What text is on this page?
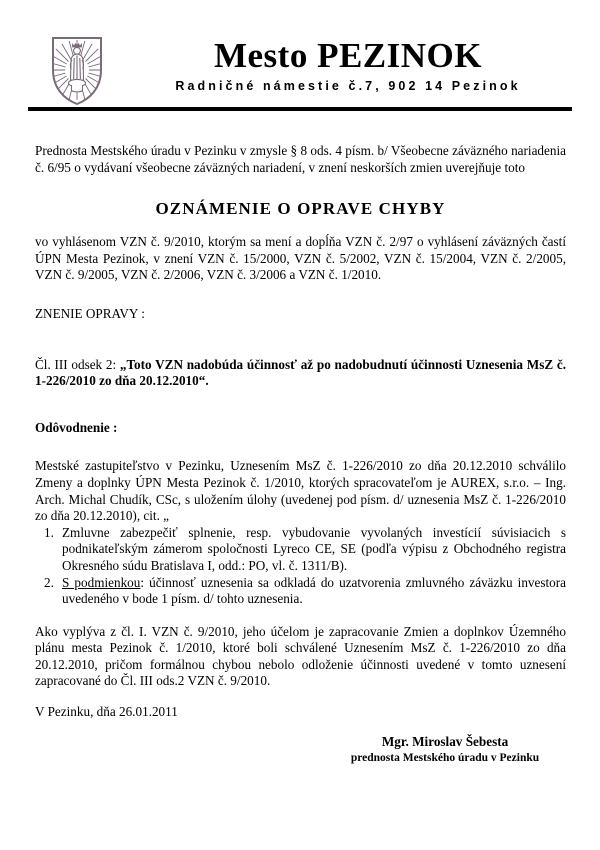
Mesto PEZINOK
Radničné námestie č.7, 902 14 Pezinok

Prednosta Mestského úradu v Pezinku v zmysle § 8 ods. 4 písm. b/ Všeobecne záväzného nariadenia č. 6/95 o vydávaní všeobecne záväzných nariadení, v znení neskorších zmien uverejňuje toto

OZNÁMENIE O OPRAVE CHYBY

vo vyhlásenom VZN č. 9/2010, ktorým sa mení a dopĺňa VZN č. 2/97 o vyhlásení záväzných častí ÚPN Mesta Pezinok, v znení VZN č. 15/2000, VZN č. 5/2002, VZN č. 15/2004, VZN č. 2/2005, VZN č. 9/2005, VZN č. 2/2006, VZN č. 3/2006 a VZN č. 1/2010.

ZNENIE OPRAVY :

Čl. III odsek 2: „Toto VZN nadobúda účinnosť až po nadobudnutí účinnosti Uznesenia MsZ č. 1-226/2010 zo dňa 20.12.2010“.

Odôvodnenie :

Mestské zastupiteľstvo v Pezinku, Uznesením MsZ č. 1-226/2010 zo dňa 20.12.2010 schválilo Zmeny a doplnky ÚPN Mesta Pezinok č. 1/2010, ktorých spracovateľom je AUREX, s.r.o. – Ing. Arch. Michal Chudík, CSc, s uložením úlohy (uvedenej pod písm. d/ uznesenia MsZ č. 1-226/2010 zo dňa 20.12.2010), cit. „

Zmluvne zabezpečiť splnenie, resp. vybudovanie vyvolaných investícií súvisiacich s podnikateľským zámerom spoločnosti Lyreco CE, SE (podľa výpisu z Obchodného registra Okresného súdu Bratislava I, odd.: PO, vl. č. 1311/B).
S podmienkou: účinnosť uznesenia sa odkladá do uzatvorenia zmluvného záväzku investora uvedeného v bode 1 písm. d/ tohto uznesenia.

Ako vyplýva z čl. I. VZN č. 9/2010, jeho účelom je zapracovanie Zmien a doplnkov Územného plánu mesta Pezinok č. 1/2010, ktoré boli schválené Uznesením MsZ č. 1-226/2010 zo dňa 20.12.2010, pričom formálnou chybou nebolo odloženie účinnosti uvedené v tomto uznesení zapracované do Čl. III ods.2 VZN č. 9/2010.

V Pezinku, dňa 26.01.2011

Mgr. Miroslav Šebesta

prednosta Mestského úradu v Pezinku
